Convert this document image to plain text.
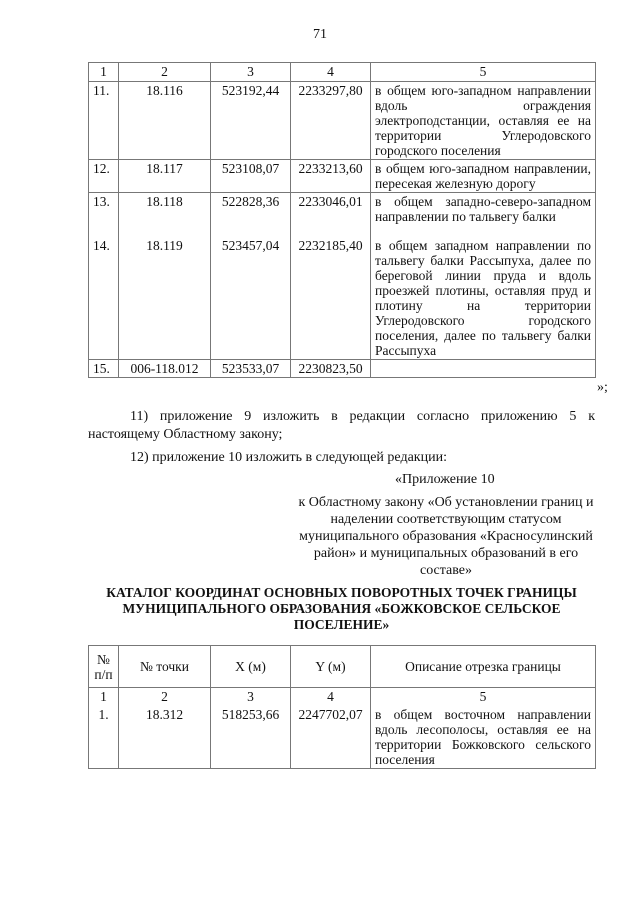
71
1	2	3	4	5
11.	18.116	523192,44	2233297,80	в общем юго-западном направлении вдоль ограждения электроподстанции, оставляя ее на территории Углеродовского городского поселения
12.	18.117	523108,07	2233213,60	в общем юго-западном направлении, пересекая железную дорогу
13.	18.118	522828,36	2233046,01	в общем западно-северо-западном направлении по тальвегу балки
14.	18.119	523457,04	2232185,40	в общем западном направлении по тальвегу балки Рассыпуха, далее по береговой линии пруда и вдоль проезжей плотины, оставляя пруд и плотину на территории Углеродовского городского поселения, далее по тальвегу балки Рассыпуха
15.	006-118.012	523533,07	2230823,50	
»;
11) приложение 9 изложить в редакции согласно приложению 5 к настоящему Областному закону;
12) приложение 10 изложить в следующей редакции:
«Приложение 10
к Областному закону «Об установлении границ и наделении соответствующим статусом муниципального образования «Красносулинский район» и муниципальных образований в его составе»
КАТАЛОГ КООРДИНАТ ОСНОВНЫХ ПОВОРОТНЫХ ТОЧЕК ГРАНИЦЫ МУНИЦИПАЛЬНОГО ОБРАЗОВАНИЯ «БОЖКОВСКОЕ СЕЛЬСКОЕ ПОСЕЛЕНИЕ»
№ п/п	№ точки	X (м)	Y (м)	Описание отрезка границы
1	2	3	4	5
1.	18.312	518253,66	2247702,07	в общем восточном направлении вдоль лесополосы, оставляя ее на территории Божковского сельского поселения
